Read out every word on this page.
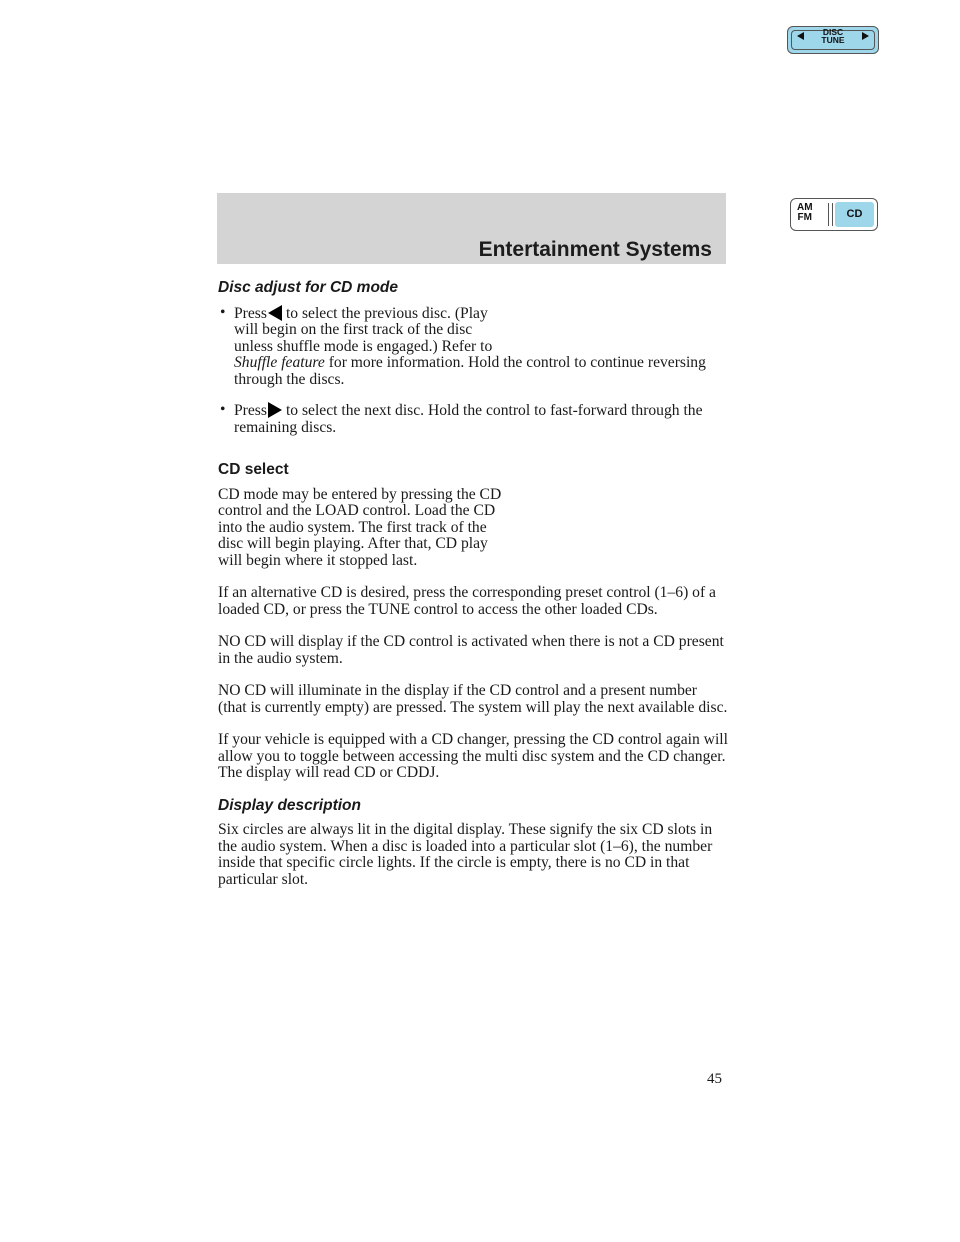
Entertainment Systems
DISC
TUNE
AM
FM	CD
Disc adjust for CD mode
• Press to select the previous disc. (Play will begin on the first track of the disc unless shuffle mode is engaged.) Refer to Shuffle feature for more information. Hold the control to continue reversing through the discs.
• Press to select the next disc. Hold the control to fast-forward through the remaining discs.
CD select

CD mode may be entered by pressing the CD control and the LOAD control. Load the CD into the audio system. The first track of the disc will begin playing. After that, CD play will begin where it stopped last.

If an alternative CD is desired, press the corresponding preset control (1–6) of a loaded CD, or press the TUNE control to access the other loaded CDs.

NO CD will display if the CD control is activated when there is not a CD present in the audio system.

NO CD will illuminate in the display if the CD control and a present number (that is currently empty) are pressed. The system will play the next available disc.

If your vehicle is equipped with a CD changer, pressing the CD control again will allow you to toggle between accessing the multi disc system and the CD changer. The display will read CD or CDDJ.

Display description

Six circles are always lit in the digital display. These signify the six CD slots in the audio system. When a disc is loaded into a particular slot (1–6), the number inside that specific circle lights. If the circle is empty, there is no CD in that particular slot.

45
